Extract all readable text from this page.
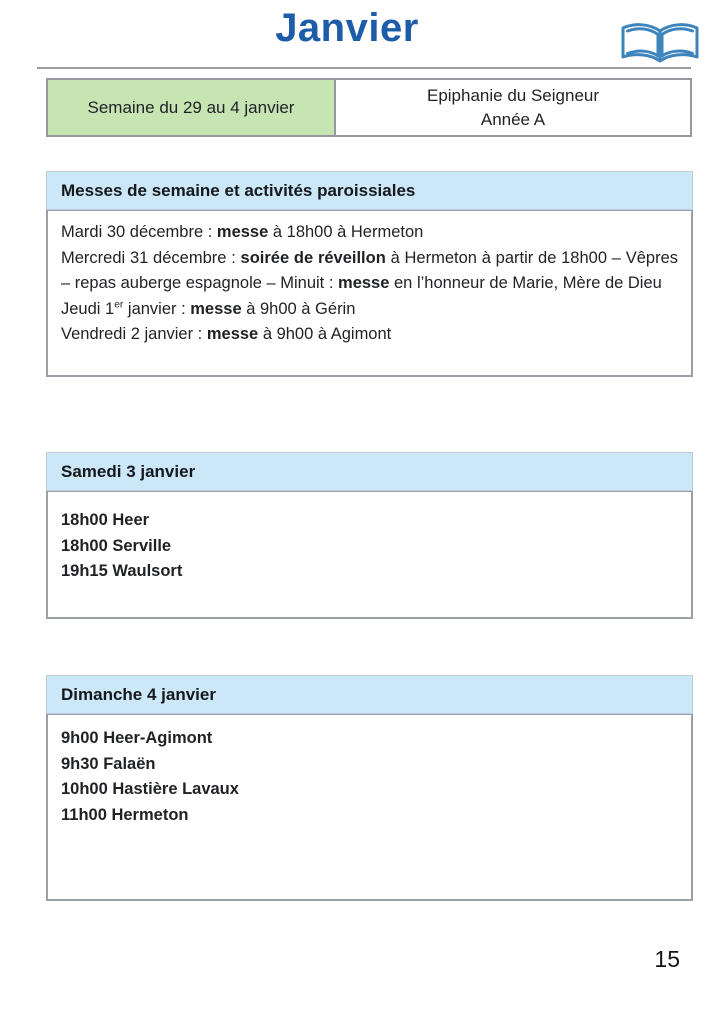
Janvier
Semaine du 29 au 4 janvier
Epiphanie du Seigneur
Année A
Messes de semaine et activités paroissiales

Mardi 30 décembre : messe à 18h00 à Hermeton

Mercredi 31 décembre : soirée de réveillon à Hermeton à partir de 18h00 – Vêpres – repas auberge espagnole – Minuit : messe en l’honneur de Marie, Mère de Dieu

Jeudi 1er janvier : messe à 9h00 à Gérin

Vendredi 2 janvier : messe à 9h00 à Agimont

Samedi 3 janvier

18h00 Heer

18h00 Serville

19h15 Waulsort

Dimanche 4 janvier

9h00 Heer-Agimont

9h30 Falaën

10h00 Hastière Lavaux

11h00 Hermeton

15
